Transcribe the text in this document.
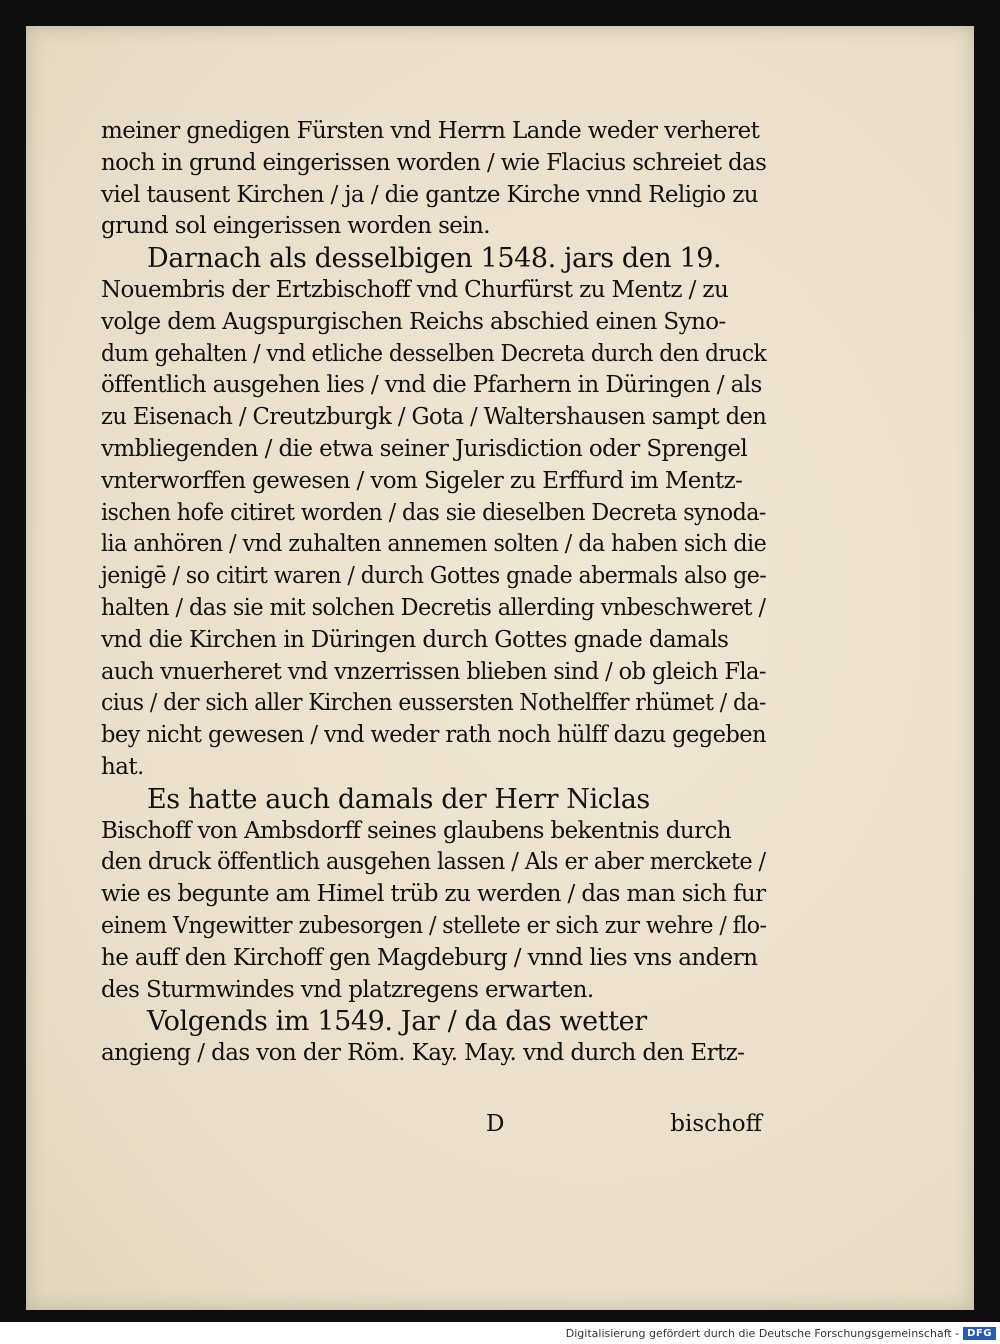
meiner gnedigen Fürsten vnd Herrn Lande weder verheret
noch in grund eingerissen worden / wie Flacius schreiet das
viel tausent Kirchen / ja / die gantze Kirche vnnd Religio zu
grund sol eingerissen worden sein.
Darnach als desselbigen 1548. jars den 19.
Nouembris der Ertzbischoff vnd Churfürst zu Mentz / zu
volge dem Augspurgischen Reichs abschied einen Syno-
dum gehalten / vnd etliche desselben Decreta durch den druck
öffentlich ausgehen lies / vnd die Pfarhern in Düringen / als
zu Eisenach / Creutzburgk / Gota / Waltershausen sampt den
vmbliegenden / die etwa seiner Jurisdiction oder Sprengel
vnterworffen gewesen / vom Sigeler zu Erffurd im Mentz-
ischen hofe citiret worden / das sie dieselben Decreta synoda-
lia anhören / vnd zuhalten annemen solten / da haben sich die
jenigē / so citirt waren / durch Gottes gnade abermals also ge-
halten / das sie mit solchen Decretis allerding vnbeschweret /
vnd die Kirchen in Düringen durch Gottes gnade damals
auch vnuerheret vnd vnzerrissen blieben sind / ob gleich Fla-
cius / der sich aller Kirchen eussersten Nothelffer rhümet / da-
bey nicht gewesen / vnd weder rath noch hülff dazu gegeben
hat.
Es hatte auch damals der Herr Niclas
Bischoff von Ambsdorff seines glaubens bekentnis durch
den druck öffentlich ausgehen lassen / Als er aber merckete /
wie es begunte am Himel trüb zu werden / das man sich fur
einem Vngewitter zubesorgen / stellete er sich zur wehre / flo-
he auff den Kirchoff gen Magdeburg / vnnd lies vns andern
des Sturmwindes vnd platzregens erwarten.
Volgends im 1549. Jar / da das wetter
angieng / das von der Röm. Kay. May. vnd durch den Ertz-
D	bischoff
Digitalisierung gefördert durch die Deutsche Forschungsgemeinschaft - DFG
